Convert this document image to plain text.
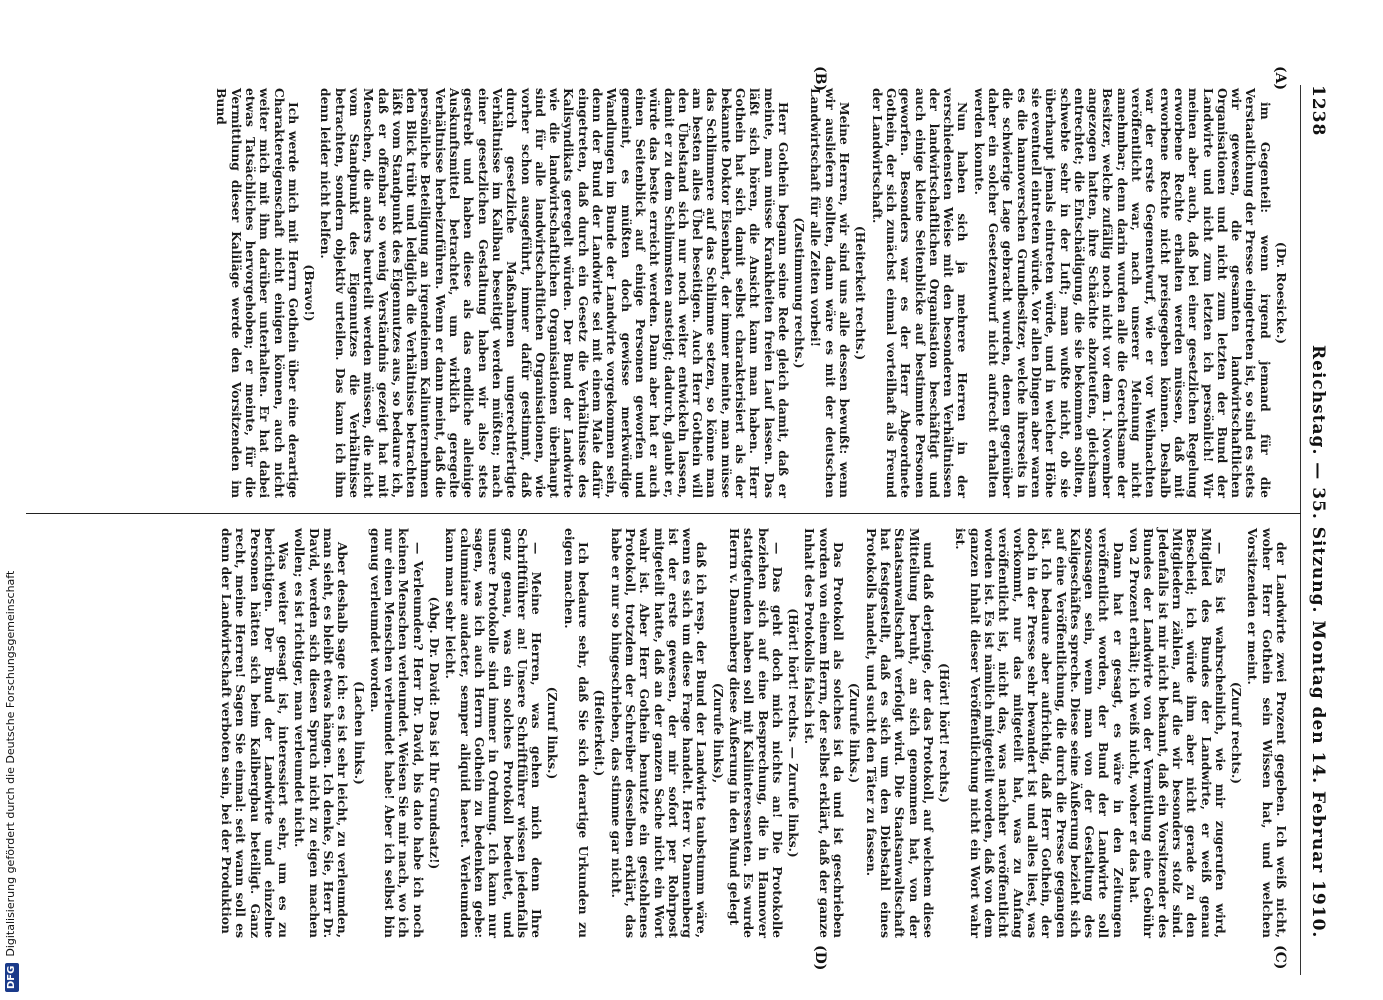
DFGDigitalisierung gefördert durch die Deutsche Forschungsgemeinschaft
1238
Reichstag. — 35. Sitzung. Montag den 14. Februar 1910.
(A)
(B)
(C)
(D)

(Dr. Roesicke.)

im Gegenteil: wenn irgend jemand für die Verstaatlichung der Presse eingetreten ist, so sind es stets wir gewesen, die gesamten landwirtschaftlichen Organisationen und nicht zum letzten der Bund der Landwirte und nicht zum letzten ich persönlich! Wir meinen aber auch, daß bei einer gesetzlichen Regelung erworbene Rechte erhalten werden müssen, daß mit erworbene Rechte nicht preisgegeben können. Deshalb war der erste Gegenentwurf, wie er vor Weihnachten veröffentlicht war, nach unserer Meinung nicht annehmbar; denn darin wurden alle die Gerechtsame der Besitzer, welche zufällig noch nicht vor dem 1. November angezogen hatten, ihre Schächte abzuteufen, gleichsam entrechtet; die Entschädigung, die sie bekommen sollten, schwebte sehr in der Luft; man wußte nicht, ob sie überhaupt jemals eintreten würde, und in welcher Höhe sie eventuell eintreten würde. Vor allen Dingen aber waren es die hannoverschen Grundbesitzer, welche ihrerseits in die schwierige Lage gebracht wurden, denen gegenüber daher ein solcher Gesetzentwurf nicht aufrecht erhalten werden konnte.

Nun haben sich ja mehrere Herren in der verschiedensten Weise mit den besonderen Verhältnissen der landwirtschaftlichen Organisation beschäftigt und auch einige kleine Seitenblicke auf bestimmte Personen geworfen. Besonders war es der Herr Abgeordnete Gothein, der sich zunächst einmal vorteilhaft als Freund der Landwirtschaft.

(Heiterkeit rechts.)

Meine Herren, wir sind uns alle dessen bewußt: wenn wir ausliefern sollten, dann wäre es mit der deutschen Landwirtschaft für alle Zeiten vorbei!

(Zustimmung rechts.)

Herr Gothein begann seine Rede gleich damit, daß er meinte, man müsse Krankheiten freien Lauf lassen. Das läßt sich hören, die Ansicht kann man haben. Herr Gothein hat sich damit selbst charakterisiert als der bekannte Doktor Eisenbart, der immer meinte, man müsse das Schlimmere auf das Schlimme setzen, so könne man am besten alles Übel beseitigen. Auch Herr Gothein will den Übelstand sich nur noch weiter entwickeln lassen, damit er zu dem Schlimmsten ansteigt; dadurch, glaubt er, würde das beste erreicht werden. Dann aber hat er auch einen Seitenblick auf einige Personen geworfen und gemeint, es müßten doch gewisse merkwürdige Wandlungen im Bunde der Landwirte vorgekommen sein, denn der Bund der Landwirte sei mit einem Male dafür eingetreten, daß durch ein Gesetz die Verhältnisse des Kalisyndikats geregelt würden. Der Bund der Landwirte wie die landwirtschaftlichen Organisationen überhaupt sind für alle landwirtschaftlichen Organisationen, wie vorher schon ausgeführt, immer dafür gestimmt, daß durch gesetzliche Maßnahmen ungerechtfertigte Verhältnisse im Kalibau beseitigt werden müßten; nach einer gesetzlichen Gestaltung haben wir also stets gestrebt und haben diese als das endliche alleinige Auskunftsmittel betrachtet, um wirklich geregelte Verhältnisse herbeizuführen. Wenn er dann meint, daß die persönliche Beteiligung an irgendeinem Kaliunternehmen den Blick trübt und lediglich die Verhältnisse betrachten läßt vom Standpunkt des Eigennutzes aus, so bedaure ich, daß er offenbar so wenig Verständnis gezeigt hat mit Menschen, die anders beurteilt werden müssen, die nicht vom Standpunkt des Eigennutzes die Verhältnisse betrachten, sondern objektiv urteilen. Das kann ich ihm denn leider nicht helfen.

(Bravo!)

Ich werde mich mit Herrn Gothein über eine derartige Charaktereigenschaft nicht einigen können, auch nicht weiter mich mit ihm darüber unterhalten. Er hat dabei etwas Tatsächliches hervorgehoben; er meinte, für die Vermittlung dieser Kaliläge werde den Vorsitzenden im Bund

der Landwirte zwei Prozent gegeben. Ich weiß nicht, woher Herr Gothein sein Wissen hat, und welchen Vorsitzenden er meint.

(Zuruf rechts.)

— Es ist wahrscheinlich, wie mir zugerufen wird, Mitglied des Bundes der Landwirte, er weiß genau Bescheid; ich würde ihm aber nicht gerade zu den Mitgliedern zählen, auf die wir besonders stolz sind. Jedenfalls ist mir nicht bekannt, daß ein Vorsitzender des Bundes der Landwirte von der Vermittlung eine Gebühr von 2 Prozent erhält; ich weiß nicht, woher er das hat.

Dann hat er gesagt, es wäre in den Zeitungen veröffentlicht worden, der Bund der Landwirte soll sozusagen sein, wenn man von der Gestaltung des Kaligeschäftes spreche. Diese seine Äußerung bezieht sich auf eine Veröffentlichung, die durch die Presse gegangen ist. Ich bedaure aber aufrichtig, daß Herr Gothein, der doch in der Presse sehr bewandert ist und alles liest, was vorkommt, nur das mitgeteilt hat, was zu Anfang veröffentlicht ist, nicht das, was nachher veröffentlicht worden ist. Es ist nämlich mitgeteilt worden, daß von dem ganzen Inhalt dieser Veröffentlichung nicht ein Wort wahr ist.

(Hört! hört! rechts.)

und daß derjenige, der das Protokoll, auf welchem diese Mitteilung beruht, an sich genommen hat, von der Staatsanwaltschaft verfolgt wird. Die Staatsanwaltschaft hat festgestellt, daß es sich um den Diebstahl eines Protokolls handelt, und sucht den Täter zu fassen.

(Zurufe links.)

Das Protokoll als solches ist da und ist geschrieben worden von einem Herrn, der selbst erklärt, daß der ganze Inhalt des Protokolls falsch ist.

(Hört! hört! rechts. — Zurufe links.)

— Das geht doch mich nichts an! Die Protokolle beziehen sich auf eine Besprechung, die in Hannover stattgefunden haben soll mit Kaliinteressenten. Es wurde Herrn v. Dannenberg diese Äußerung in den Mund gelegt

(Zurufe links),

daß ich resp. der Bund der Landwirte taubstumm wäre, wenn es sich um diese Frage handelt. Herr v. Dannenberg ist der erste gewesen, der mir sofort per Rohrpost mitgeteilt hatte, daß an der ganzen Sache nicht ein Wort wahr ist. Aber Herr Gothein benutzte ein gestohlenes Protokoll, trotzdem der Schreiber desselben erklärt, das habe er nur so hingeschrieben, das stimme gar nicht.

(Heiterkeit.)

Ich bedaure sehr, daß Sie sich derartige Urkunden zu eigen machen.

(Zuruf links.)

— Meine Herren, was gehen mich denn Ihre Schriftführer an! Unsere Schriftführer wissen jedenfalls ganz genau, was ein solches Protokoll bedeutet, und unsere Protokolle sind immer in Ordnung. Ich kann nur sagen, was ich auch Herrn Gothein zu bedenken gebe: calumniare audacter, semper aliquid haeret. Verleumden kann man sehr leicht.

(Abg. Dr. David: Das ist Ihr Grundsatz!)

— Verleumden? Herr Dr. David, bis dato habe ich noch keinen Menschen verleumdet. Weisen Sie mir nach, wo ich nur einen Menschen verleumdet habe! Aber ich selbst bin genug verleumdet worden.

(Lachen links.)

Aber deshalb sage ich: es ist sehr leicht, zu verleumden, man sieht, es bleibt etwas hängen. Ich denke, Sie, Herr Dr. David, werden sich diesen Spruch nicht zu eigen machen wollen; es ist richtiger, man verleumdet nicht.

Was weiter gesagt ist, interessiert sehr, um es zu berichtigen. Der Bund der Landwirte und einzelne Personen hätten sich beim Kalibergbau beteiligt. Ganz recht, meine Herren! Sagen Sie einmal: seit wann soll es denn der Landwirtschaft verboten sein, bei der Produktion
